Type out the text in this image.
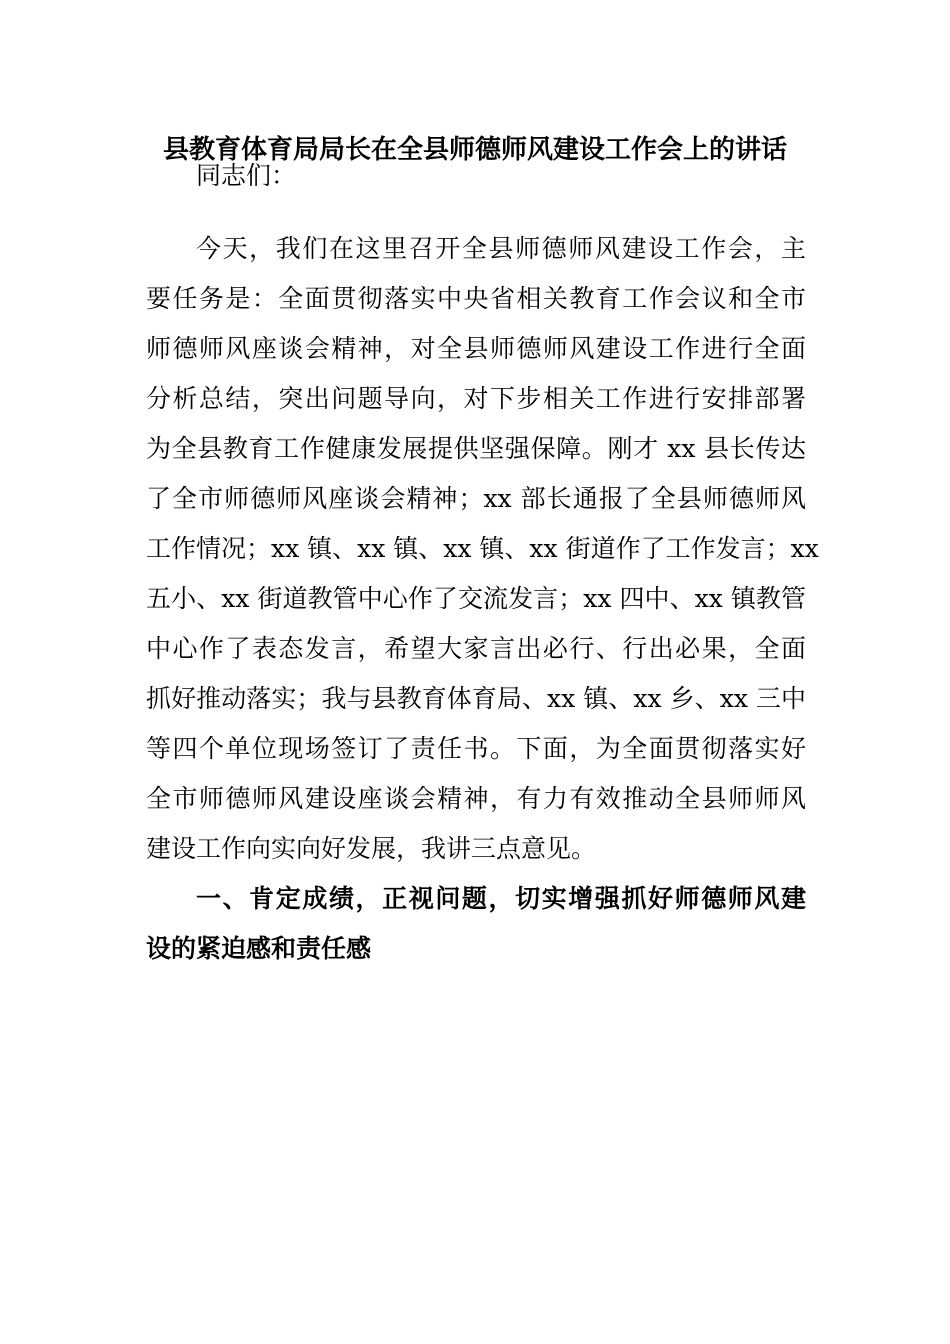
县教育体育局局长在全县师德师风建设工作会上的讲话
同志们：
今天，我们在这里召开全县师德师风建设工作会，主
要任务是：全面贯彻落实中央省相关教育工作会议和全市
师德师风座谈会精神，对全县师德师风建设工作进行全面
分析总结，突出问题导向，对下步相关工作进行安排部署
为全县教育工作健康发展提供坚强保障。刚才 xx 县长传达
了全市师德师风座谈会精神；xx 部长通报了全县师德师风
工作情况；xx 镇、xx 镇、xx 镇、xx 街道作了工作发言；xx
五小、xx 街道教管中心作了交流发言；xx 四中、xx 镇教管
中心作了表态发言，希望大家言出必行、行出必果，全面
抓好推动落实；我与县教育体育局、xx 镇、xx 乡、xx 三中
等四个单位现场签订了责任书。下面，为全面贯彻落实好
全市师德师风建设座谈会精神，有力有效推动全县师师风
建设工作向实向好发展，我讲三点意见。
一、肯定成绩，正视问题，切实增强抓好师德师风建
设的紧迫感和责任感
